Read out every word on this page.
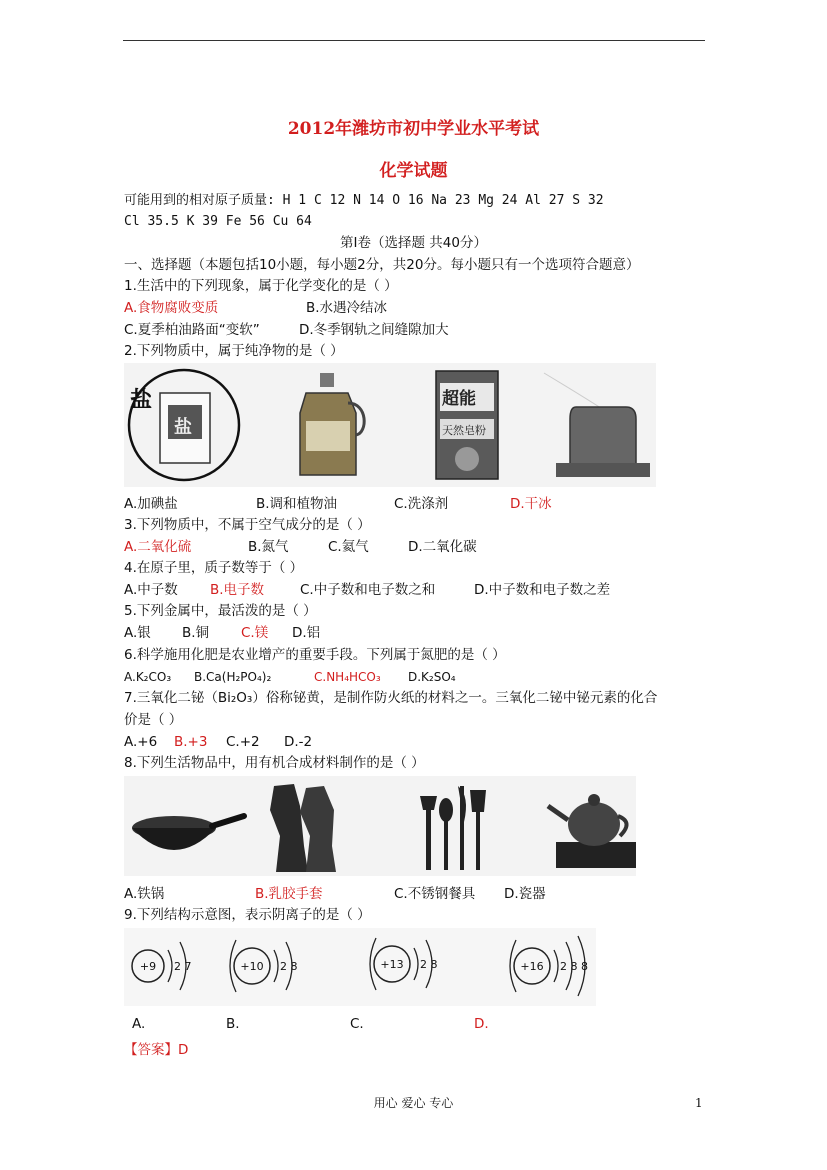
2012年潍坊市初中学业水平考试
化学试题
可能用到的相对原子质量: H 1 C 12 N 14 O 16 Na 23 Mg 24 Al 27 S 32
Cl 35.5 K 39 Fe 56 Cu 64
第Ⅰ卷（选择题 共40分）
一、选择题（本题包括10小题，每小题2分，共20分。每小题只有一个选项符合题意）
1.生活中的下列现象，属于化学变化的是（ ）
A.食物腐败变质	B.水遇冷结冰
C.夏季柏油路面“变软”	D.冬季钢轨之间缝隙加大
2.下列物质中，属于纯净物的是（ ）
盐
盐
超能
天然皂粉
A.加碘盐	B.调和植物油	C.洗涤剂	D.干冰
3.下列物质中，不属于空气成分的是（ ）
A.二氧化硫	B.氮气	C.氦气	D.二氧化碳
4.在原子里，质子数等于（ ）
A.中子数 B.电子数	C.中子数和电子数之和	D.中子数和电子数之差
5.下列金属中，最活泼的是（ ）
A.银 B.铜 C.镁 D.铝
6.科学施用化肥是农业增产的重要手段。下列属于氮肥的是（ ）
A.K₂CO₃ B.Ca(H₂PO₄)₂	C.NH₄HCO₃ D.K₂SO₄
7.三氧化二铋（Bi₂O₃）俗称铋黄，是制作防火纸的材料之一。三氧化二铋中铋元素的化合
价是（ ）
A.+6 B.+3 C.+2 D.-2
8.下列生活物品中，用有机合成材料制作的是（ ）
A.铁锅	B.乳胶手套	C.不锈钢餐具 D.瓷器
9.下列结构示意图，表示阴离子的是（ ）
+9 2 7	+10 2 8	+13 2 8	+16 2 8 8
A.	B.	C.	D.
【答案】D
用心 爱心 专心	1
